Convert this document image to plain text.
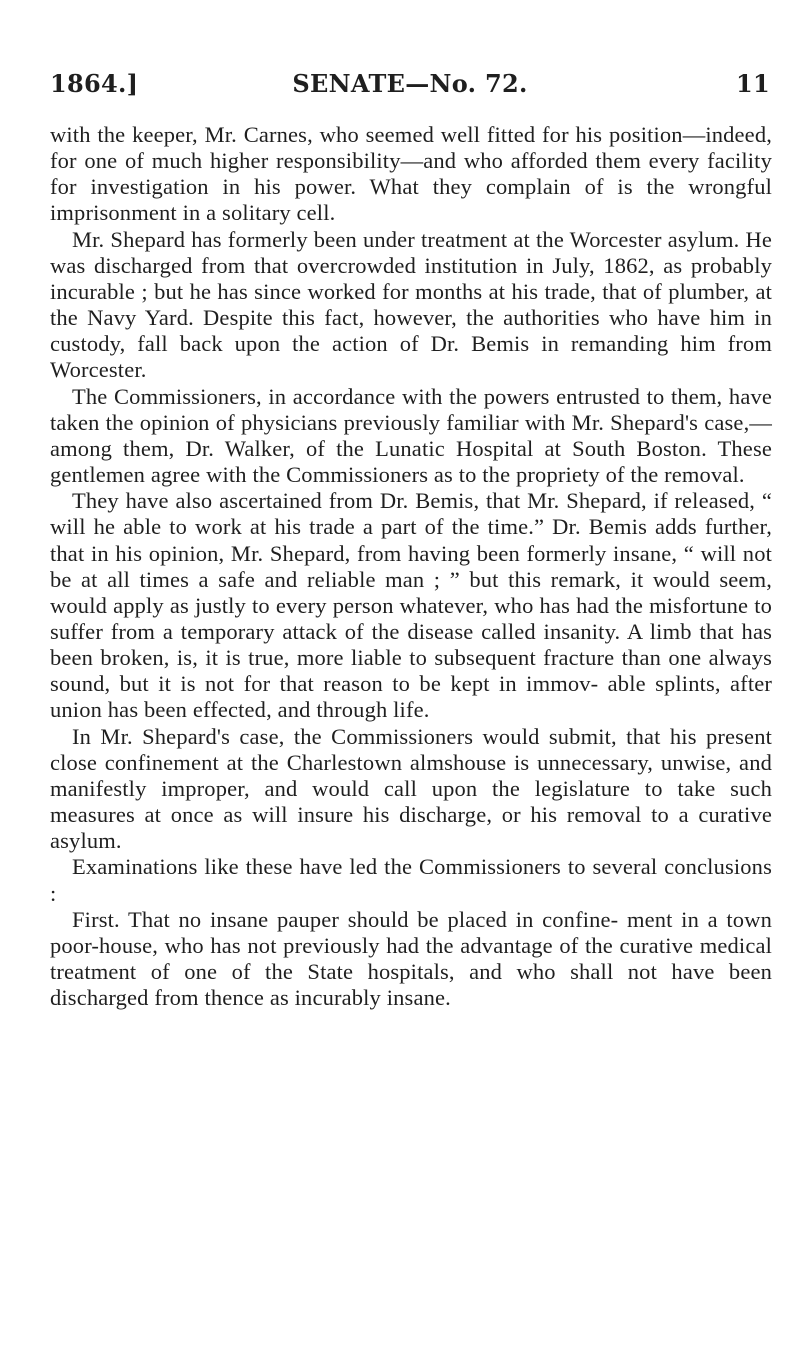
1864.]	SENATE—No. 72.	11

with the keeper, Mr. Carnes, who seemed well fitted for his position—indeed, for one of much higher responsibility—and who afforded them every facility for investigation in his power. What they complain of is the wrongful imprisonment in a solitary cell.

Mr. Shepard has formerly been under treatment at the Worcester asylum. He was discharged from that overcrowded institution in July, 1862, as probably incurable ; but he has since worked for months at his trade, that of plumber, at the Navy Yard. Despite this fact, however, the authorities who have him in custody, fall back upon the action of Dr. Bemis in remanding him from Worcester.

The Commissioners, in accordance with the powers entrusted to them, have taken the opinion of physicians previously familiar with Mr. Shepard's case,—among them, Dr. Walker, of the Lunatic Hospital at South Boston. These gentlemen agree with the Commissioners as to the propriety of the removal.

They have also ascertained from Dr. Bemis, that Mr. Shepard, if released, “ will he able to work at his trade a part of the time.” Dr. Bemis adds further, that in his opinion, Mr. Shepard, from having been formerly insane, “ will not be at all times a safe and reliable man ; ” but this remark, it would seem, would apply as justly to every person whatever, who has had the misfortune to suffer from a temporary attack of the disease called insanity. A limb that has been broken, is, it is true, more liable to subsequent fracture than one always sound, but it is not for that reason to be kept in immov- able splints, after union has been effected, and through life.

In Mr. Shepard's case, the Commissioners would submit, that his present close confinement at the Charlestown almshouse is unnecessary, unwise, and manifestly improper, and would call upon the legislature to take such measures at once as will insure his discharge, or his removal to a curative asylum.

Examinations like these have led the Commissioners to several conclusions :

First. That no insane pauper should be placed in confine- ment in a town poor-house, who has not previously had the advantage of the curative medical treatment of one of the State hospitals, and who shall not have been discharged from thence as incurably insane.
